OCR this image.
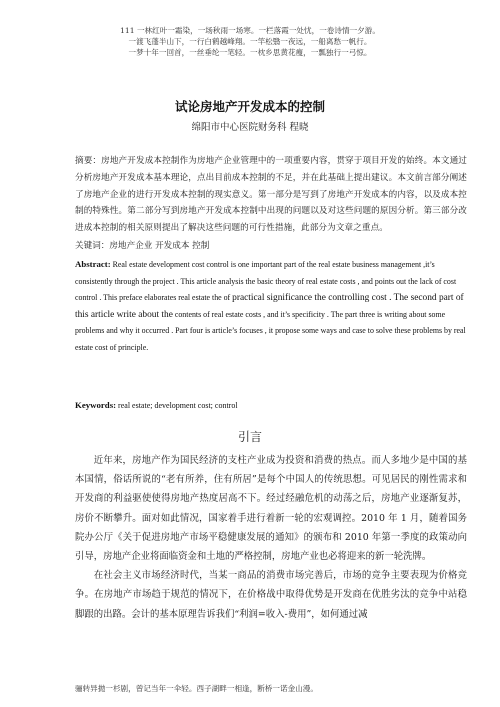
111 一林红叶一霜染，一场秋雨一场寒。一栏落霞一处忧，一卷诗情一夕游。
一渡飞蓬半山下，一行白鹤越峰翔。一竿松翳一夜远，一船离愁一帆行。
一梦十年一回首，一丝垂纶一笔轻。一枕乡思黄花瘦，一瓢独行一弓惊。
试论房地产开发成本的控制
绵阳市中心医院财务科 程晓
摘要：房地产开发成本控制作为房地产企业管理中的一项重要内容，贯穿于项目开发的始终。本文通过分析房地产开发成本基本理论，点出目前成本控制的不足，并在此基础上提出建议。本文前言部分阐述了房地产企业的进行开发成本控制的现实意义。第一部分是写到了房地产开发成本的内容，以及成本控制的特殊性。第二部分写到房地产开发成本控制中出现的问题以及对这些问题的原因分析。第三部分改进成本控制的相关原则提出了解决这些问题的可行性措施，此部分为文章之重点。
关键词：房地产企业 开发成本 控制
Abstract: Real estate development cost control is one important part of the real estate business management ,it’s consistently through the project . This article analysis the basic theory of real estate costs , and points out the lack of cost control . This preface elaborates real estate the of practical significance the controlling cost . The second part of this article write about the contents of real estate costs , and it’s specificity . The part three is writing about some problems and why it occurred . Part four is article’s focuses , it propose some ways and case to solve these problems by real estate cost of principle.
Keywords: real estate; development cost; control
引言

近年来，房地产作为国民经济的支柱产业成为投资和消费的热点。而人多地少是中国的基本国情，俗话所说的“老有所养，住有所居”是每个中国人的传统思想。可见居民的刚性需求和开发商的利益驱使使得房地产热度居高不下。经过经融危机的动荡之后，房地产业逐渐复苏，房价不断攀升。面对如此情况，国家着手进行着新一轮的宏观调控。2010 年 1 月，随着国务院办公厅《关于促进房地产市场平稳健康发展的通知》的颁布和 2010 年第一季度的政策动向引导，房地产企业将面临资金和土地的严格控制，房地产业也必将迎来的新一轮洗牌。

在社会主义市场经济时代，当某一商品的消费市场完善后，市场的竞争主要表现为价格竞争。在房地产市场趋于规范的情况下，在价格战中取得优势是开发商在优胜劣汰的竞争中站稳脚跟的出路。会计的基本原理告诉我们“利润=收入-费用”，如何通过减

骊转异拋一杉剧，曾记当年一伞轻。西子湖畔一相逢，断桥一诺金山漫。
